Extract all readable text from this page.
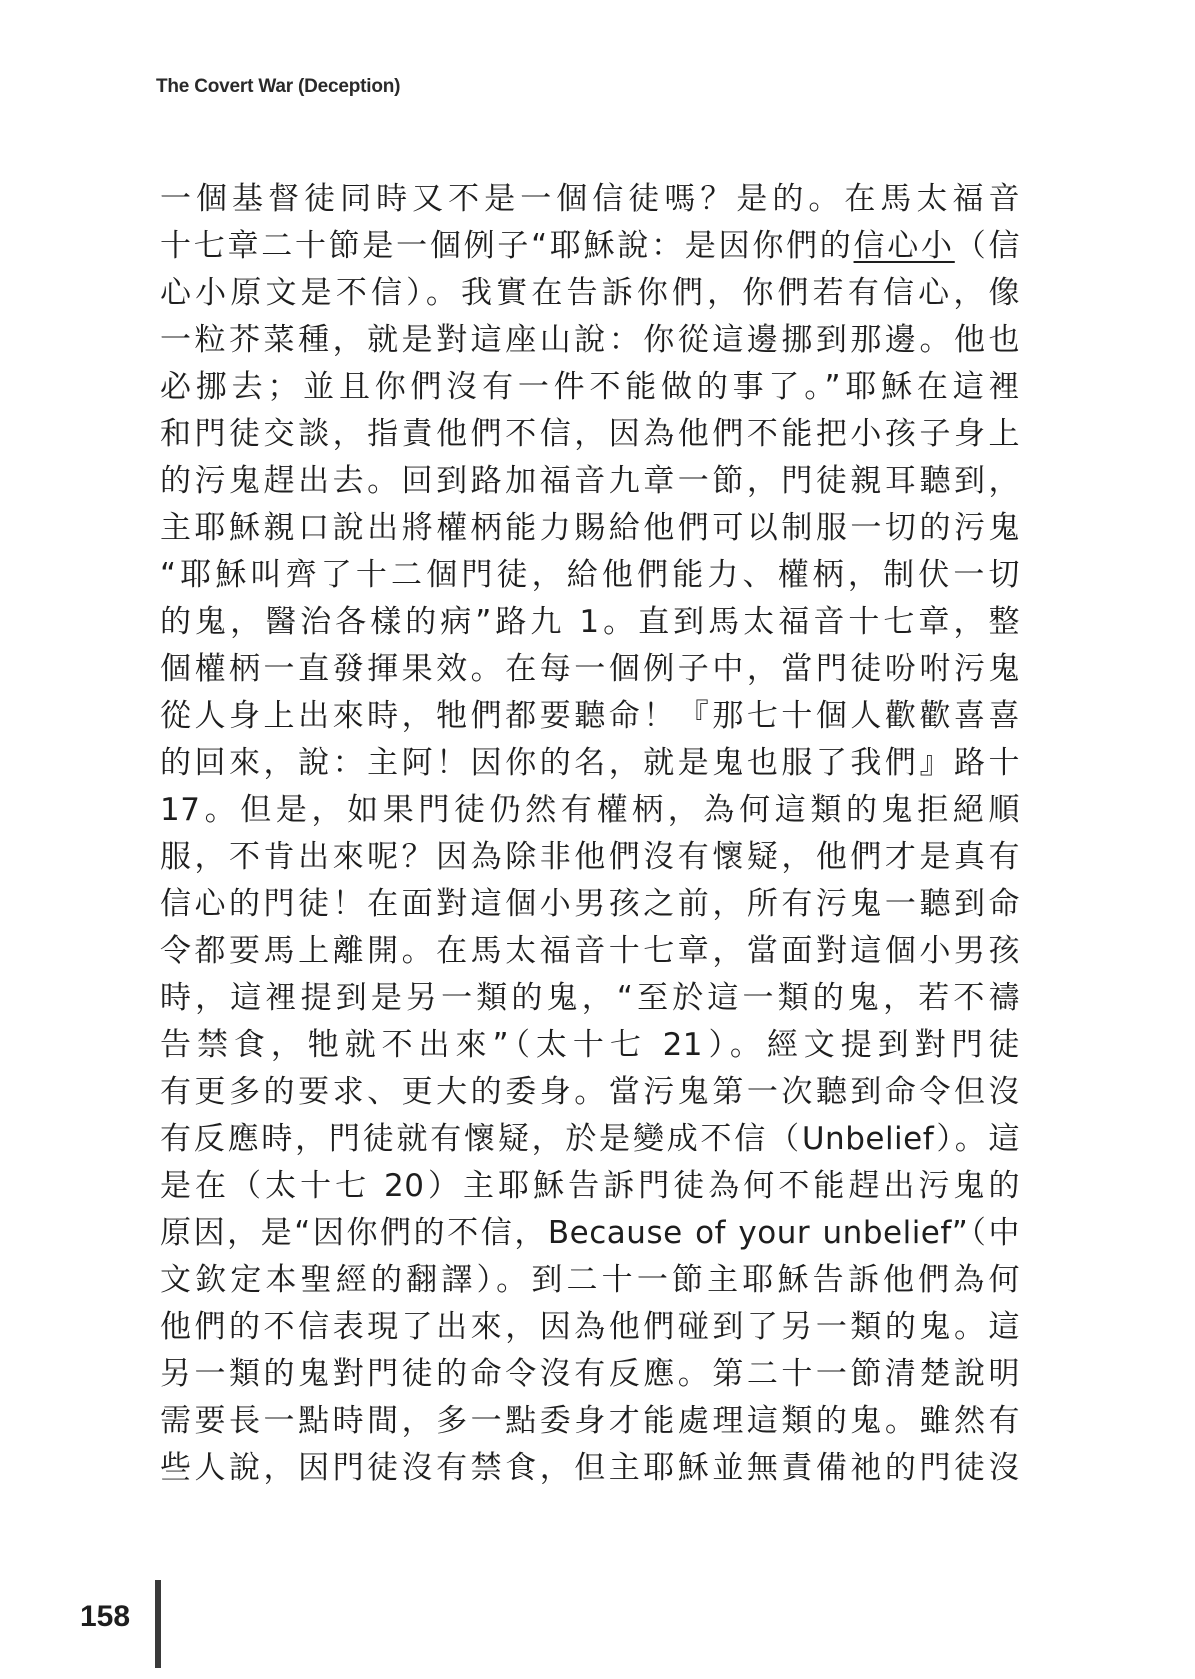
The Covert War (Deception)
一個基督徒同時又不是一個信徒嗎？是的。在馬太福音
十七章二十節是一個例子“耶穌說：是因你們的信心小（信
心小原文是不信）。我實在告訴你們，你們若有信心，像
一粒芥菜種，就是對這座山說：你從這邊挪到那邊。他也
必挪去；並且你們沒有一件不能做的事了。”耶穌在這裡
和門徒交談，指責他們不信，因為他們不能把小孩子身上
的污鬼趕出去。回到路加福音九章一節，門徒親耳聽到，
主耶穌親口說出將權柄能力賜給他們可以制服一切的污鬼
“耶穌叫齊了十二個門徒，給他們能力、權柄，制伏一切
的鬼，醫治各樣的病”路九 1。直到馬太福音十七章，整
個權柄一直發揮果效。在每一個例子中，當門徒吩咐污鬼
從人身上出來時，牠們都要聽命！『那七十個人歡歡喜喜
的回來，說：主阿！因你的名，就是鬼也服了我們』路十
17。但是，如果門徒仍然有權柄，為何這類的鬼拒絕順
服，不肯出來呢？因為除非他們沒有懷疑，他們才是真有
信心的門徒！在面對這個小男孩之前，所有污鬼一聽到命
令都要馬上離開。在馬太福音十七章，當面對這個小男孩
時，這裡提到是另一類的鬼，“至於這一類的鬼，若不禱
告禁食，牠就不出來”（太十七 21）。經文提到對門徒
有更多的要求、更大的委身。當污鬼第一次聽到命令但沒
有反應時，門徒就有懷疑，於是變成不信（Unbelief）。這
是在（太十七 20）主耶穌告訴門徒為何不能趕出污鬼的
原因，是“因你們的不信，Because of your unbelief”（中
文欽定本聖經的翻譯）。到二十一節主耶穌告訴他們為何
他們的不信表現了出來，因為他們碰到了另一類的鬼。這
另一類的鬼對門徒的命令沒有反應。第二十一節清楚說明
需要長一點時間，多一點委身才能處理這類的鬼。雖然有
些人說，因門徒沒有禁食，但主耶穌並無責備祂的門徒沒
158
